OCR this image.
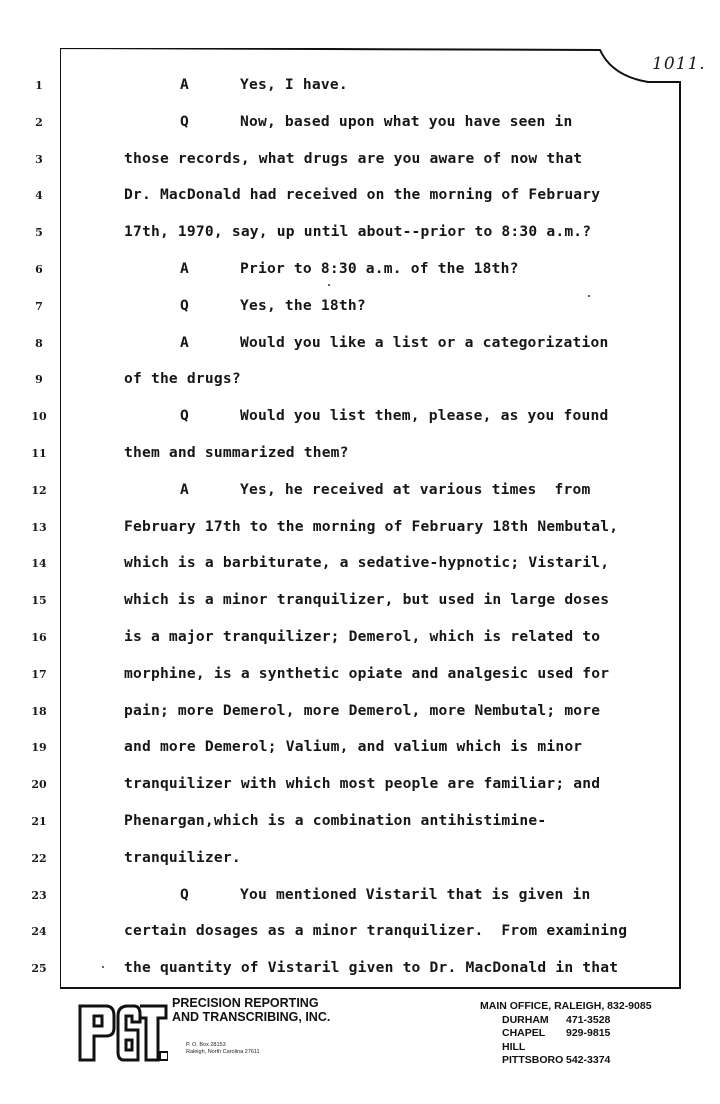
1011.
1
2
3
4
5
6
7
8
9
10
11
12
13
14
15
16
17
18
19
20
21
22
23
24
25
A	Yes, I have.
Q	Now, based upon what you have seen in
those records, what drugs are you aware of now that
Dr. MacDonald had received on the morning of February
17th, 1970, say, up until about--prior to 8:30 a.m.?
A	Prior to 8:30 a.m. of the 18th?
Q	Yes, the 18th?
A	Would you like a list or a categorization
of the drugs?
Q	Would you list them, please, as you found
them and summarized them?
A	Yes, he received at various times  from
February 17th to the morning of February 18th Nembutal,
which is a barbiturate, a sedative-hypnotic; Vistaril,
which is a minor tranquilizer, but used in large doses
is a major tranquilizer; Demerol, which is related to
morphine, is a synthetic opiate and analgesic used for
pain; more Demerol, more Demerol, more Nembutal; more
and more Demerol; Valium, and valium which is minor
tranquilizer with which most people are familiar; and
Phenargan,which is a combination antihistimine-
tranquilizer.
Q	You mentioned Vistaril that is given in
certain dosages as a minor tranquilizer.  From examining
the quantity of Vistaril given to Dr. MacDonald in that
PRECISION REPORTING
AND TRANSCRIBING, INC.
P. O. Box 28153
Raleigh, North Carolina 27611
MAIN OFFICE, RALEIGH,
832-9085
DURHAM	471-3528
CHAPEL HILL
929-9815
PITTSBORO 542-3374
